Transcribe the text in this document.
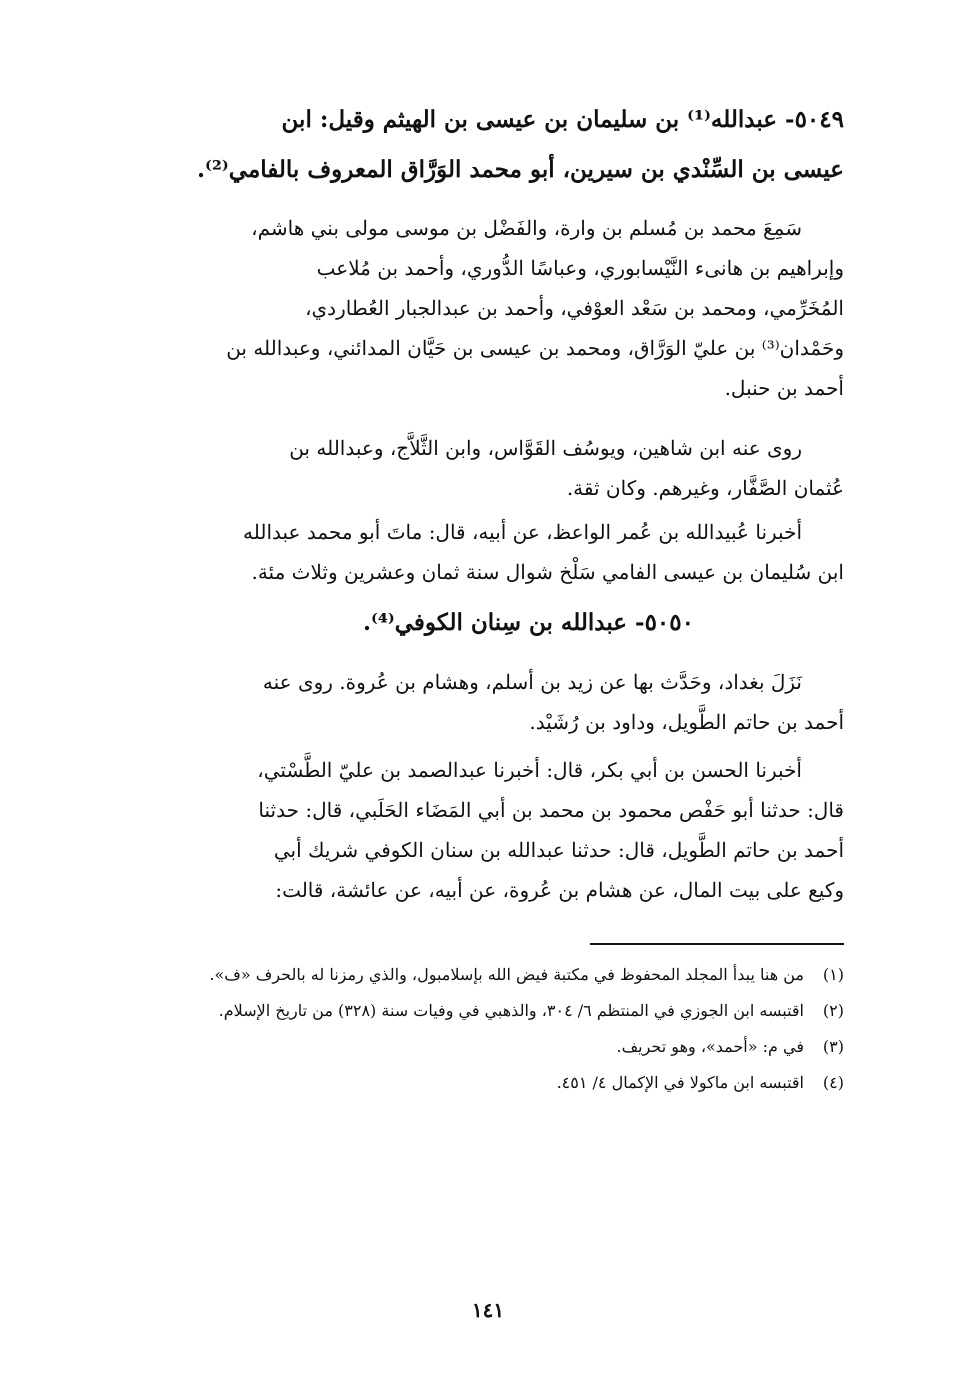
٥٠٤٩- عبدالله⁽¹⁾ بن سلیمان بن عیسی بن الهیثم وقیل: ابن
عیسی بن السِّنْدي بن سیرین، أبو محمد الوَرَّاق المعروف بالفامي⁽²⁾.
سَمِعَ محمد بن مُسلم بن وارة، والفَضْل بن موسی مولی بني هاشم،
وإبراهیم بن هانیء النَّیْسابوري، وعباسًا الدُّوري، وأحمد بن مُلاعب
المُخَرِّمي، ومحمد بن سَعْد العوْفي، وأحمد بن عبدالجبار العُطاردي،
وحَمْدان⁽³⁾ بن عليّ الوَرَّاق، ومحمد بن عیسی بن حَیَّان المدائني، وعبدالله بن
أحمد بن حنبل.
روی عنه ابن شاهین، ویوسُف القَوَّاس، وابن الثَّلاَّج، وعبدالله بن
عُثمان الصَّفَّار، وغیرهم. وکان ثقة.
أخبرنا عُبیدالله بن عُمر الواعظ، عن أبیه، قال: ماتَ أبو محمد عبدالله
ابن سُلیمان بن عیسی الفامي سَلْخ شوال سنة ثمان وعشرین وثلاث مئة.
٥٠٥٠- عبدالله بن سِنان الکوفي⁽⁴⁾.
نَزَلَ بغداد، وحَدَّث بها عن زید بن أسلم، وهشام بن عُروة. روی عنه
أحمد بن حاتم الطَّویل، وداود بن رُشَیْد.
أخبرنا الحسن بن أبي بکر، قال: أخبرنا عبدالصمد بن عليّ الطَّسْتي،
قال: حدثنا أبو حَفْص محمود بن محمد بن أبي المَضَاء الحَلَبي، قال: حدثنا
أحمد بن حاتم الطَّویل، قال: حدثنا عبدالله بن سنان الکوفي شریك أبي
وکیع علی بیت المال، عن هشام بن عُروة، عن أبیه، عن عائشة، قالت:
(١)
من هنا یبدأ المجلد المحفوظ في مکتبة فیض الله بإسلامبول، والذي رمزنا له بالحرف «ف».
(٢)
اقتبسه ابن الجوزي في المنتظم ٦/ ٣٠٤، والذهبي في وفیات سنة (٣٢٨) من تاریخ الإسلام.
(٣)
في م: «أحمد»، وهو تحریف.
(٤)
اقتبسه ابن ماکولا في الإکمال ٤/ ٤٥١.
١٤١
